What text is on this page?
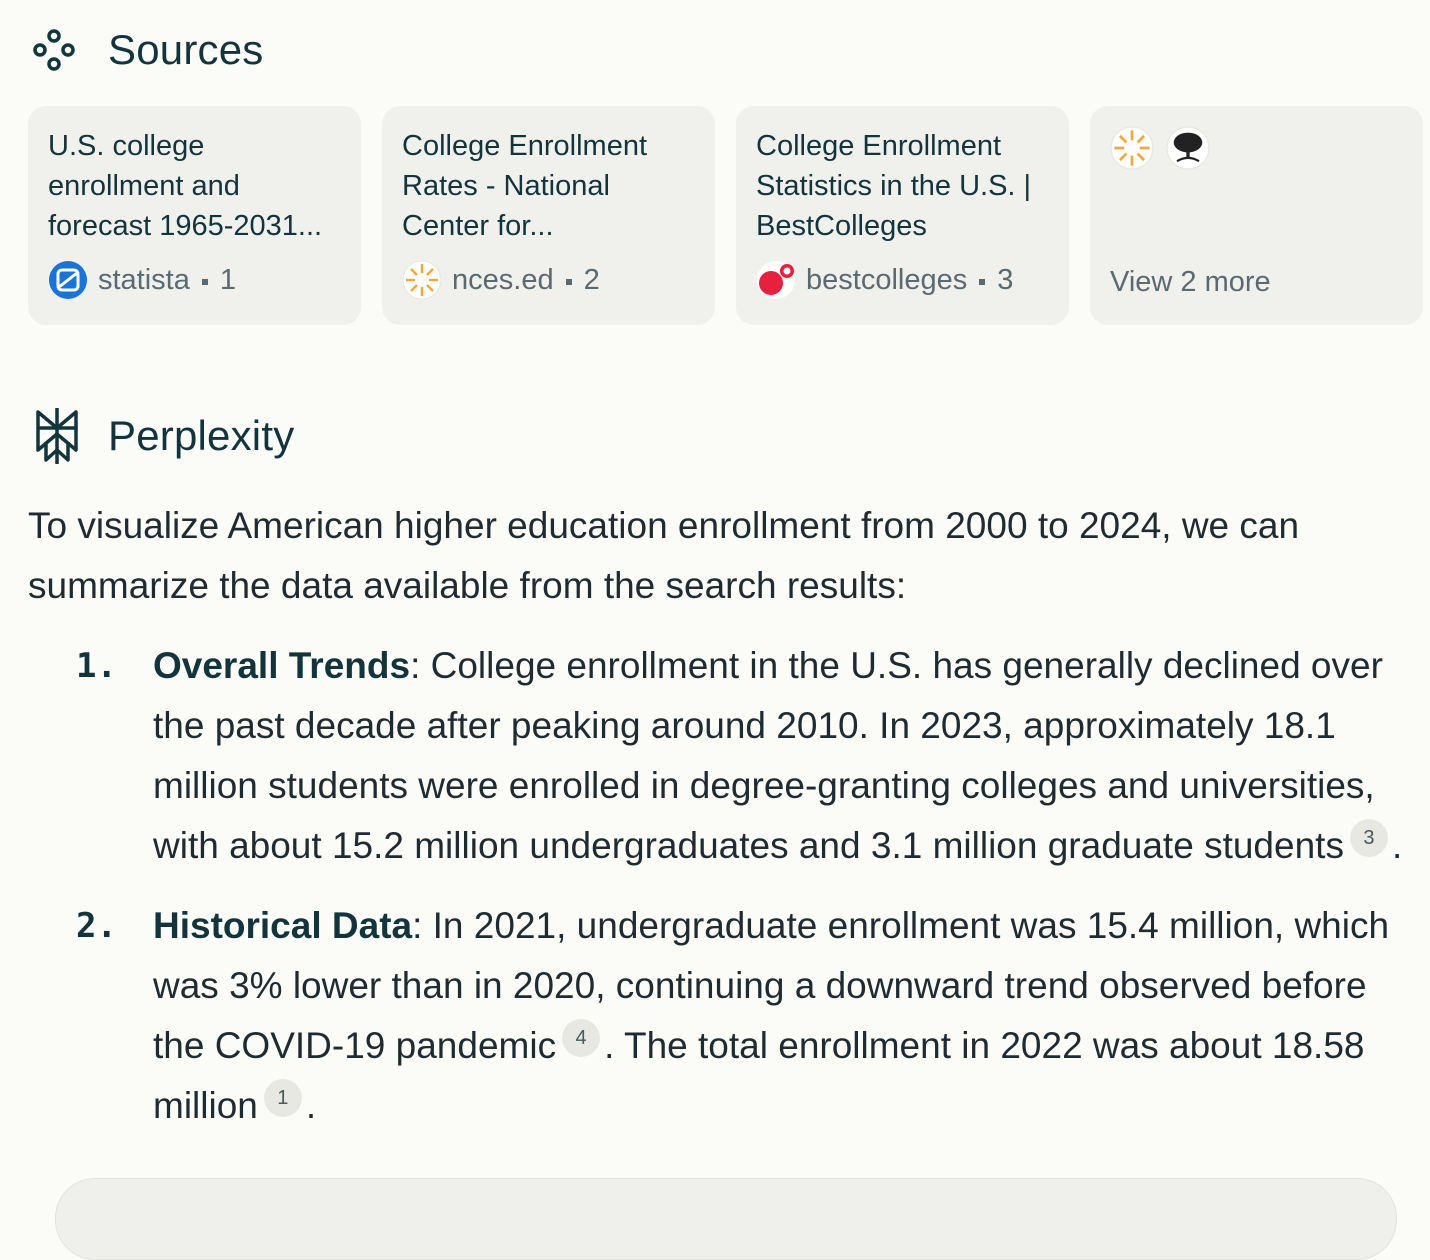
Sources
U.S. college enrollment and forecast 1965-2031...
statista 1
College Enrollment Rates - National Center for...
nces.ed 2
College Enrollment Statistics in the U.S. | BestColleges
bestcolleges 3	View 2 more
Perplexity

To visualize American higher education enrollment from 2000 to 2024, we can summarize the data available from the search results:

1. Overall Trends: College enrollment in the U.S. has generally declined over the past decade after peaking around 2010. In 2023, approximately 18.1 million students were enrolled in degree-granting colleges and universities, with about 15.2 million undergraduates and 3.1 million graduate students 3 .
2. Historical Data: In 2021, undergraduate enrollment was 15.4 million, which was 3% lower than in 2020, continuing a downward trend observed before the COVID-19 pandemic 4 . The total enrollment in 2022 was about 18.58 million 1 .
